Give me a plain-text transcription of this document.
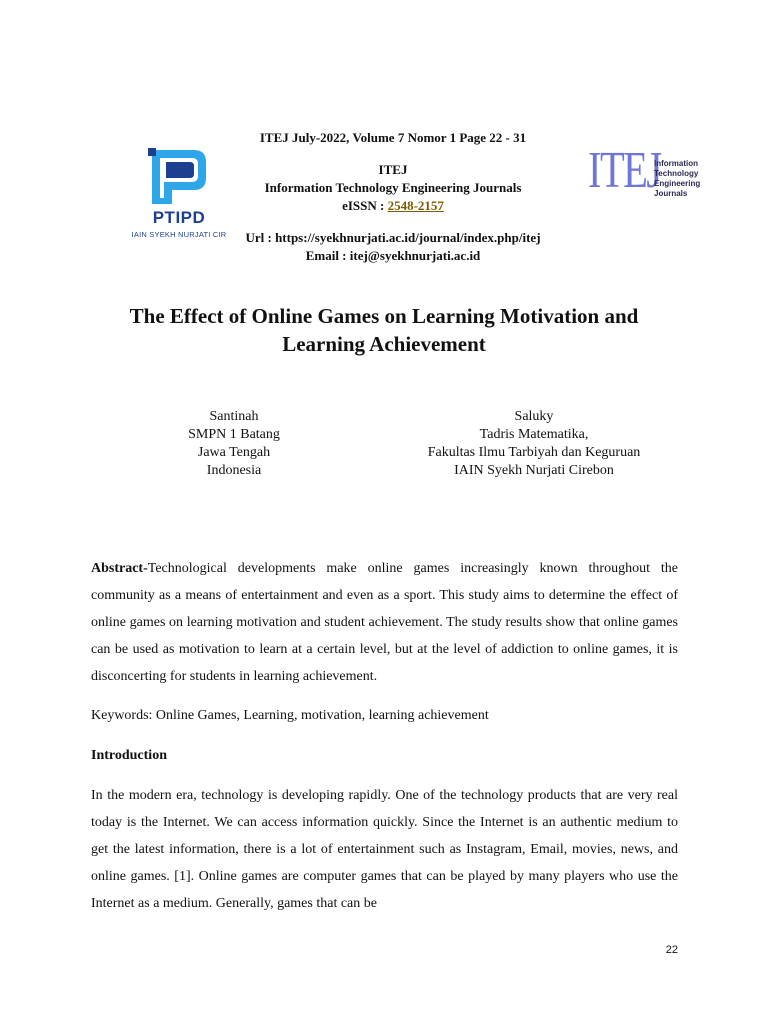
ITEJ July-2022, Volume 7 Nomor 1 Page 22 - 31
ITEJ
Information Technology Engineering Journals
eISSN : 2548-2157
Url : https://syekhnurjati.ac.id/journal/index.php/itej
Email : itej@syekhnurjati.ac.id
PTIPD
IAIN SYEKH NURJATI CIR
ITEJ
Information
Technology
Engineering
Journals
The Effect of Online Games on Learning Motivation and
Learning Achievement
Santinah
SMPN 1 Batang
Jawa Tengah
Indonesia
Saluky
Tadris Matematika,
Fakultas Ilmu Tarbiyah dan Keguruan
IAIN Syekh Nurjati Cirebon
Abstract-Technological developments make online games increasingly known throughout the community as a means of entertainment and even as a sport. This study aims to determine the effect of online games on learning motivation and student achievement. The study results show that online games can be used as motivation to learn at a certain level, but at the level of addiction to online games, it is disconcerting for students in learning achievement.
Keywords: Online Games, Learning, motivation, learning achievement
Introduction
In the modern era, technology is developing rapidly. One of the technology products that are very real today is the Internet. We can access information quickly. Since the Internet is an authentic medium to get the latest information, there is a lot of entertainment such as Instagram, Email, movies, news, and online games. [1]. Online games are computer games that can be played by many players who use the Internet as a medium. Generally, games that can be
22
